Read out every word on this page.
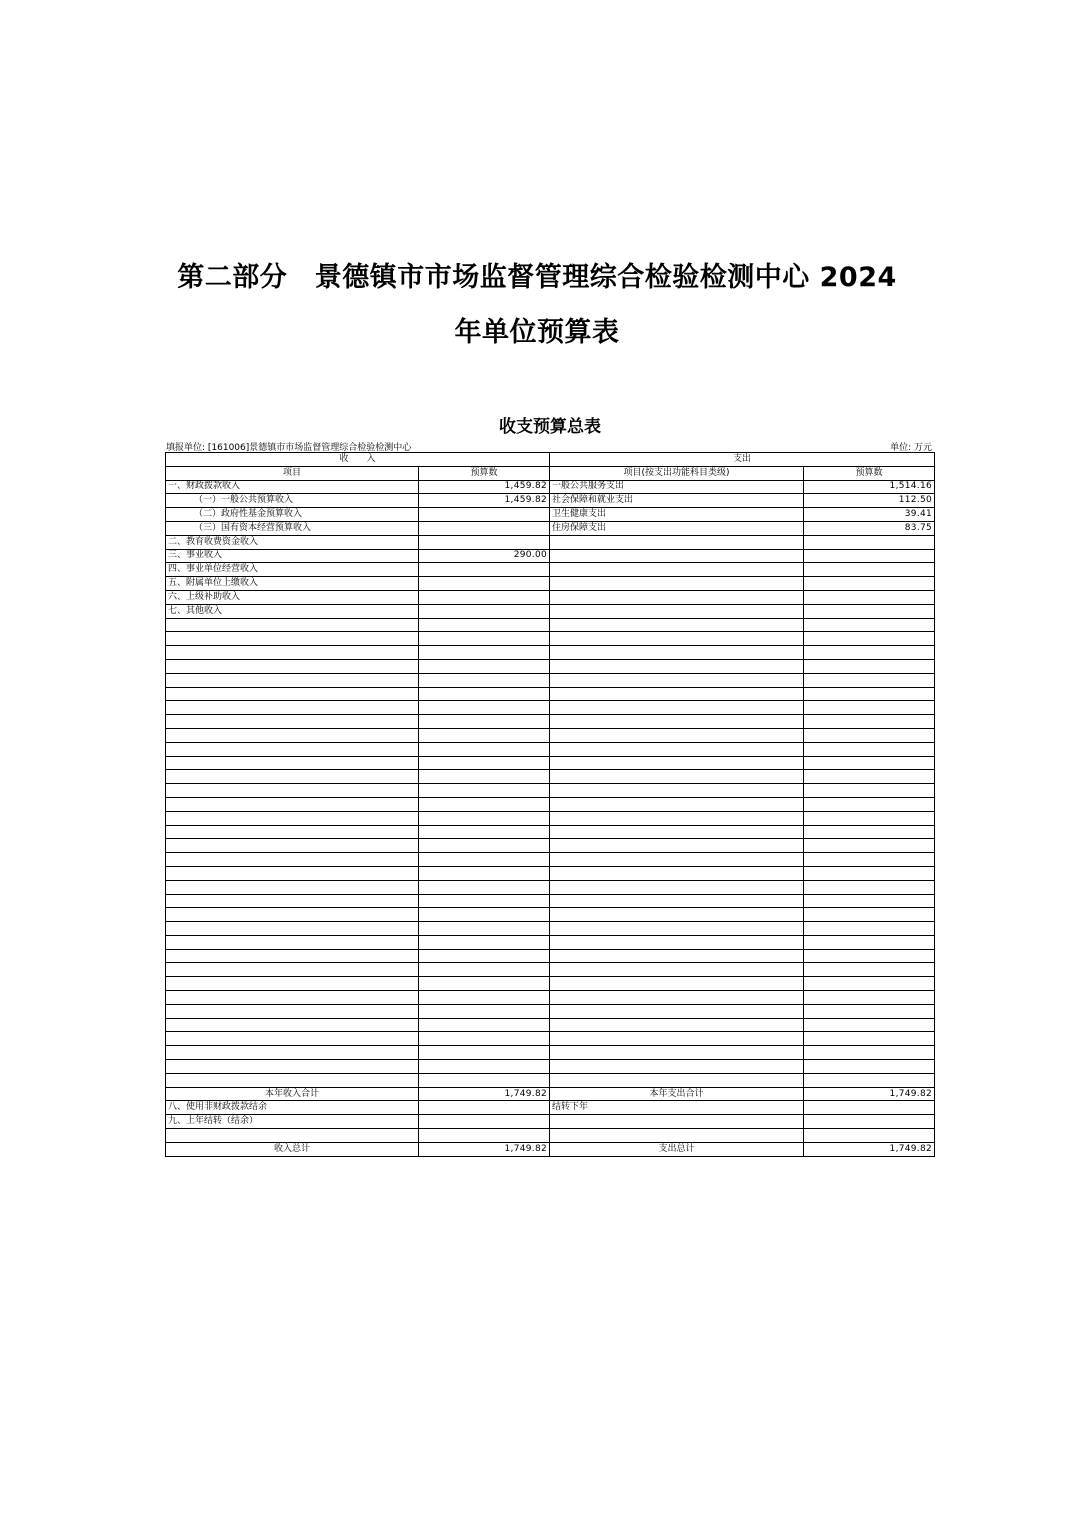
第二部分　景德镇市市场监督管理综合检验检测中心 2024
年单位预算表
收支预算总表
填报单位: [161006]景德镇市市场监督管理综合检验检测中心	单位: 万元
收　　入		支出	
项目	预算数	项目(按支出功能科目类级)	预算数
一、财政拨款收入	1,459.82	一般公共服务支出	1,514.16
（一）一般公共预算收入	1,459.82	社会保障和就业支出	112.50
（二）政府性基金预算收入		卫生健康支出	39.41
（三）国有资本经营预算收入		住房保障支出	83.75
二、教育收费资金收入			
三、事业收入	290.00		
四、事业单位经营收入			
五、附属单位上缴收入			
六、上级补助收入			
七、其他收入			

本年收入合计	1,749.82	本年支出合计	1,749.82
八、使用非财政拨款结余		结转下年	
九、上年结转（结余）			

收入总计	1,749.82	支出总计	1,749.82
